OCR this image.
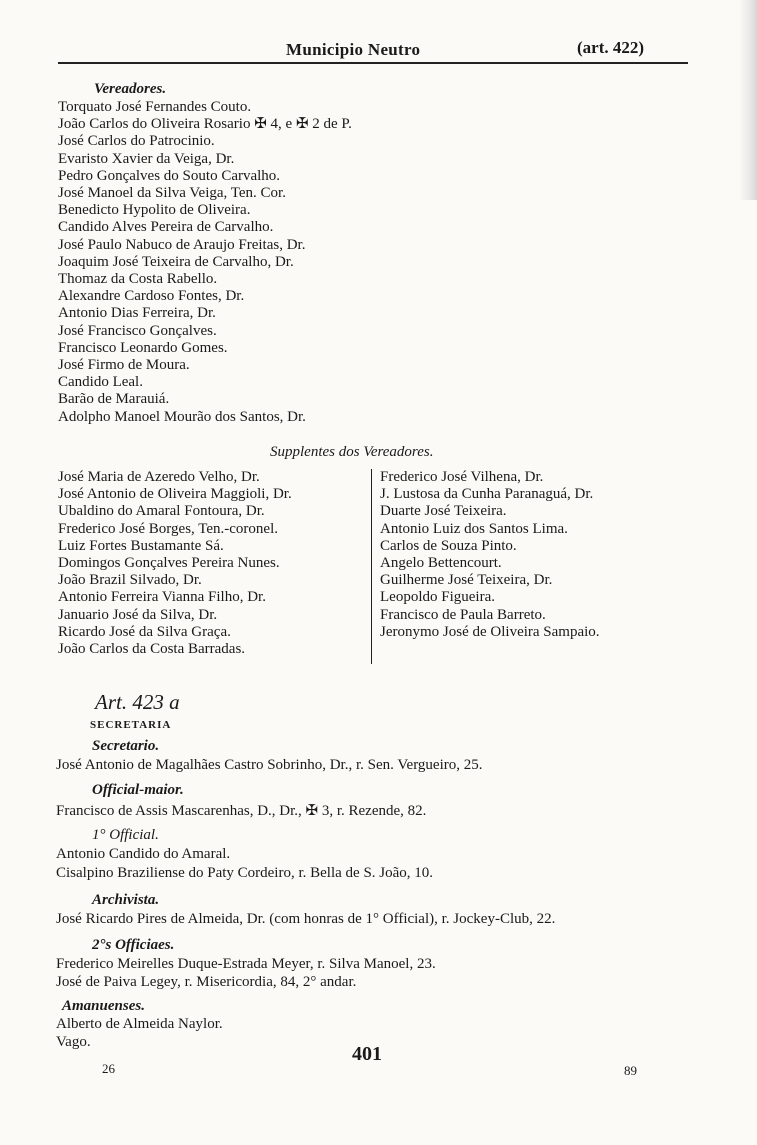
Municipio Neutro	(art. 422)
Vereadores.
Torquato José Fernandes Couto.
João Carlos do Oliveira Rosario ✠ 4, e ✠ 2 de P.
José Carlos do Patrocinio.
Evaristo Xavier da Veiga, Dr.
Pedro Gonçalves do Souto Carvalho.
José Manoel da Silva Veiga, Ten. Cor.
Benedicto Hypolito de Oliveira.
Candido Alves Pereira de Carvalho.
José Paulo Nabuco de Araujo Freitas, Dr.
Joaquim José Teixeira de Carvalho, Dr.
Thomaz da Costa Rabello.
Alexandre Cardoso Fontes, Dr.
Antonio Dias Ferreira, Dr.
José Francisco Gonçalves.
Francisco Leonardo Gomes.
José Firmo de Moura.
Candido Leal.
Barão de Marauiá.
Adolpho Manoel Mourão dos Santos, Dr.
Supplentes dos Vereadores.
José Maria de Azeredo Velho, Dr.
José Antonio de Oliveira Maggioli, Dr.
Ubaldino do Amaral Fontoura, Dr.
Frederico José Borges, Ten.-coronel.
Luiz Fortes Bustamante Sá.
Domingos Gonçalves Pereira Nunes.
João Brazil Silvado, Dr.
Antonio Ferreira Vianna Filho, Dr.
Januario José da Silva, Dr.
Ricardo José da Silva Graça.
João Carlos da Costa Barradas.
Frederico José Vilhena, Dr.
J. Lustosa da Cunha Paranaguá, Dr.
Duarte José Teixeira.
Antonio Luiz dos Santos Lima.
Carlos de Souza Pinto.
Angelo Bettencourt.
Guilherme José Teixeira, Dr.
Leopoldo Figueira.
Francisco de Paula Barreto.
Jeronymo José de Oliveira Sampaio.
Art. 423 a
SECRETARIA
Secretario.
José Antonio de Magalhães Castro Sobrinho, Dr., r. Sen. Vergueiro, 25.
Official-maior.
Francisco de Assis Mascarenhas, D., Dr., ✠ 3, r. Rezende, 82.
1° Official.
Antonio Candido do Amaral.
Cisalpino Braziliense do Paty Cordeiro, r. Bella de S. João, 10.
Archivista.
José Ricardo Pires de Almeida, Dr. (com honras de 1° Official), r. Jockey-Club, 22.
2°s Officiaes.
Frederico Meirelles Duque-Estrada Meyer, r. Silva Manoel, 23.
José de Paiva Legey, r. Misericordia, 84, 2° andar.
Amanuenses.
Alberto de Almeida Naylor.
Vago.
401
26	89
